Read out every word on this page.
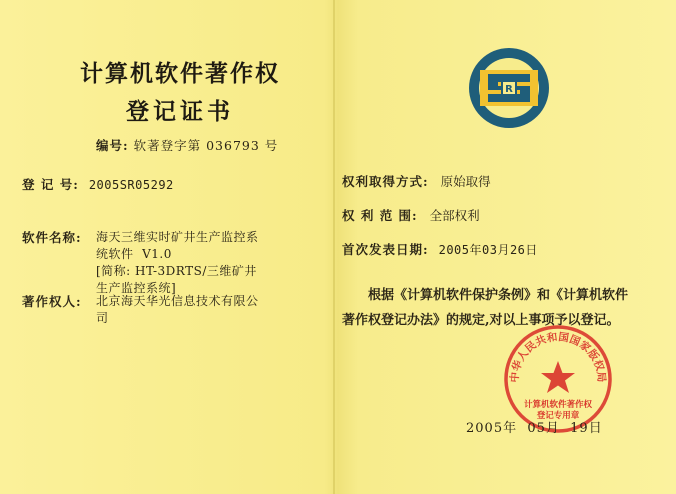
计算机软件著作权
登记证书
编号: 软著登字第 036793 号
登 记 号: 2005SR05292
软件名称: 海天三维实时矿井生产监控系
统软件  V1.0
[简称: HT-3DRTS/三维矿井
生产监控系统]
著作权人: 北京海天华光信息技术有限公
司
R
权利取得方式: 原始取得
权 利 范 围: 全部权利
首次发表日期: 2005年03月26日
根据《计算机软件保护条例》和《计算机软件
著作权登记办法》的规定,对以上事项予以登记。
中华人民共和国国家版权局
计算机软件著作权
登记专用章
2005年  05月  19日
